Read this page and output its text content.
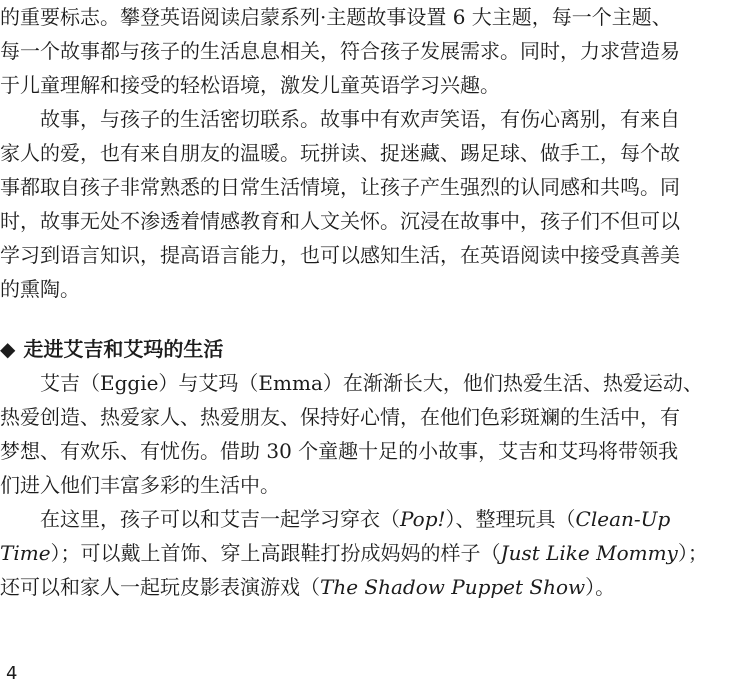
的重要标志。攀登英语阅读启蒙系列·主题故事设置 6 大主题，每一个主题、
每一个故事都与孩子的生活息息相关，符合孩子发展需求。同时，力求营造易
于儿童理解和接受的轻松语境，激发儿童英语学习兴趣。
故事，与孩子的生活密切联系。故事中有欢声笑语，有伤心离别，有来自
家人的爱，也有来自朋友的温暖。玩拼读、捉迷藏、踢足球、做手工，每个故
事都取自孩子非常熟悉的日常生活情境，让孩子产生强烈的认同感和共鸣。同
时，故事无处不渗透着情感教育和人文关怀。沉浸在故事中，孩子们不但可以
学习到语言知识，提高语言能力，也可以感知生活，在英语阅读中接受真善美
的熏陶。
◆ 走进艾吉和艾玛的生活
艾吉（Eggie）与艾玛（Emma）在渐渐长大，他们热爱生活、热爱运动、
热爱创造、热爱家人、热爱朋友、保持好心情，在他们色彩斑斓的生活中，有
梦想、有欢乐、有忧伤。借助 30 个童趣十足的小故事，艾吉和艾玛将带领我
们进入他们丰富多彩的生活中。
在这里，孩子可以和艾吉一起学习穿衣（Pop!）、整理玩具（Clean-Up
Time）；可以戴上首饰、穿上高跟鞋打扮成妈妈的样子（Just Like Mommy）；
还可以和家人一起玩皮影表演游戏（The Shadow Puppet Show）。
4
